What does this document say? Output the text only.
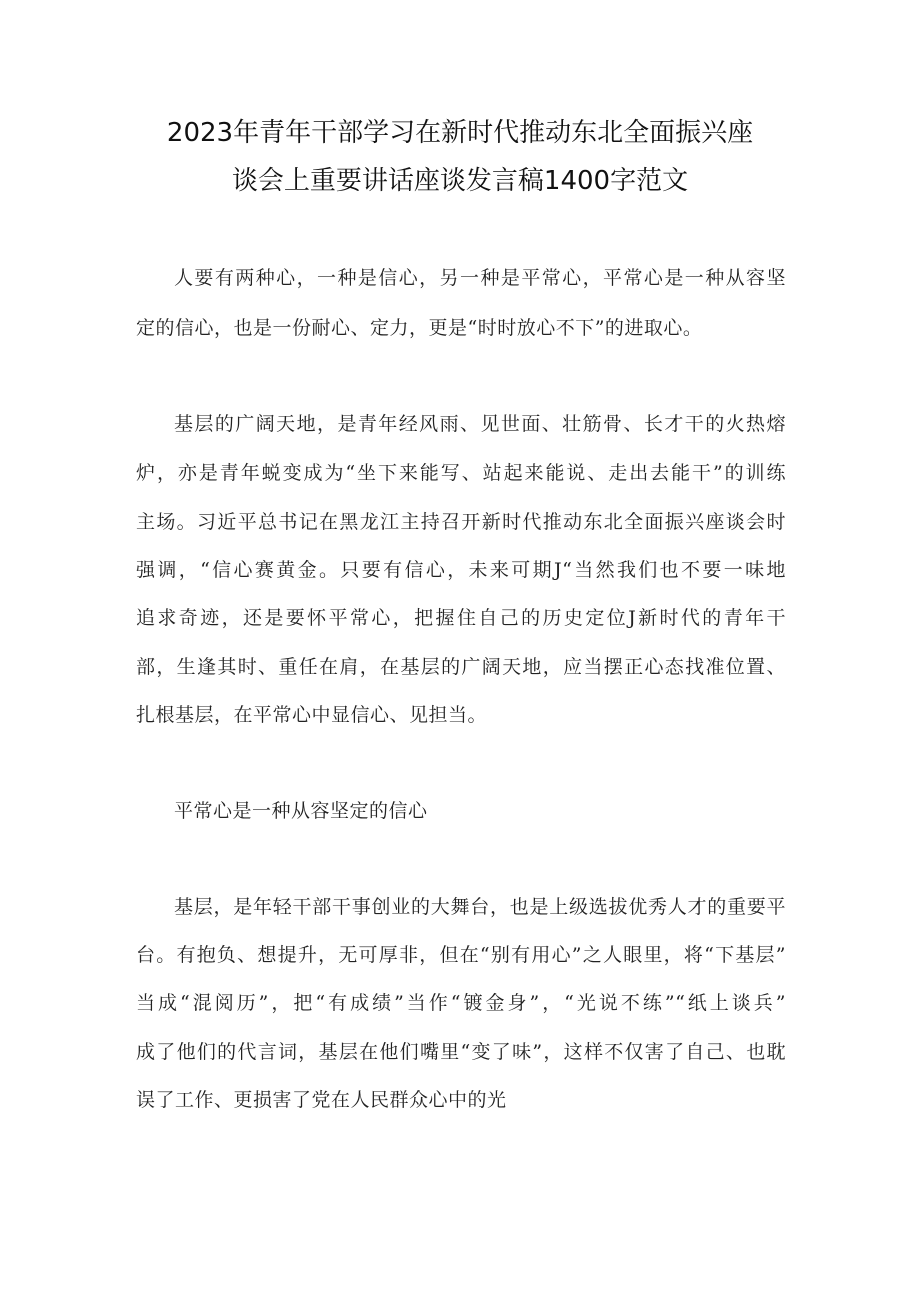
2023年青年干部学习在新时代推动东北全面振兴座
谈会上重要讲话座谈发言稿1400字范文
人要有两种心，一种是信心，另一种是平常心，平常心是一种从容坚
定的信心，也是一份耐心、定力，更是“时时放心不下”的进取心。
基层的广阔天地，是青年经风雨、见世面、壮筋骨、长才干的火热熔
炉，亦是青年蜕变成为“坐下来能写、站起来能说、走出去能干”的训练
主场。习近平总书记在黑龙江主持召开新时代推动东北全面振兴座谈会时
强调，“信心赛黄金。只要有信心，未来可期J“当然我们也不要一味地
追求奇迹，还是要怀平常心，把握住自己的历史定位J新时代的青年干
部，生逢其时、重任在肩，在基层的广阔天地，应当摆正心态找准位置、
扎根基层，在平常心中显信心、见担当。
平常心是一种从容坚定的信心
基层，是年轻干部干事创业的大舞台，也是上级选拔优秀人才的重要平
台。有抱负、想提升，无可厚非，但在“别有用心”之人眼里，将“下基层”
当成“混阅历”，把“有成绩”当作“镀金身”，“光说不练”“纸上谈兵”
成了他们的代言词，基层在他们嘴里“变了味”，这样不仅害了自己、也耽
误了工作、更损害了党在人民群众心中的光
